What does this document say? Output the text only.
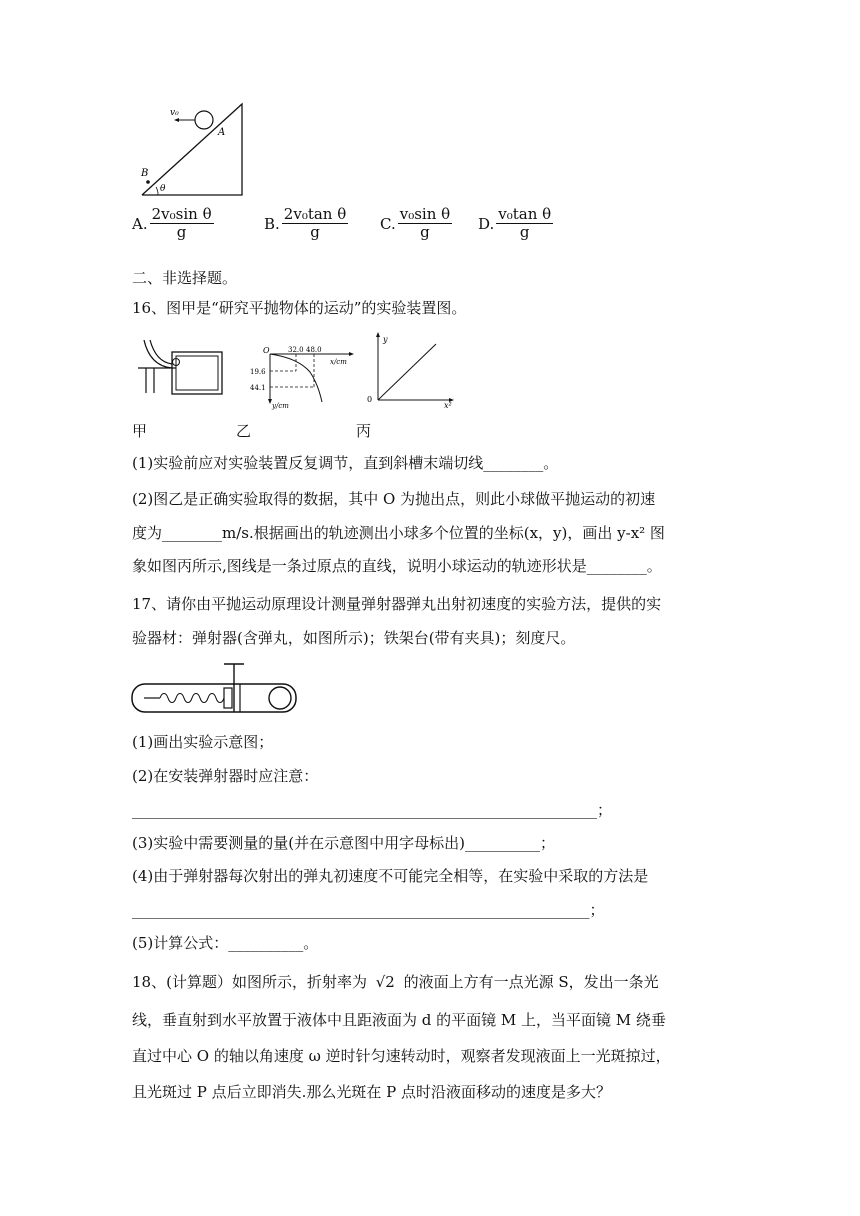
v₀
A
B
θ
A. $\frac{\text{2v₀sin θ}}{g}$	B. $\frac{\text{2v₀tan θ}}{g} C$. $\frac{\text{v₀sin θ}}{g} D$. $\frac{\text{v₀tan θ}}{g}$
二、非选择题。
16、图甲是“研究平抛物体的运动”的实验装置图。
O	32.0 48.0
x/cm
19.6
44.1
y/cm
y
x²
0
甲	乙	丙
(1)实验前应对实验装置反复调节，直到斜槽末端切线________。
(2)图乙是正确实验取得的数据，其中 O 为抛出点，则此小球做平抛运动的初速
度为________m/s.根据画出的轨迹测出小球多个位置的坐标(x，y)，画出 y-x² 图
象如图丙所示,图线是一条过原点的直线，说明小球运动的轨迹形状是________。
17、请你由平抛运动原理设计测量弹射器弹丸出射初速度的实验方法，提供的实
验器材：弹射器(含弹丸，如图所示)；铁架台(带有夹具)；刻度尺。
(1)画出实验示意图；
(2)在安装弹射器时应注意：
______________________________________________________________；
(3)实验中需要测量的量(并在示意图中用字母标出)__________；
(4)由于弹射器每次射出的弹丸初速度不可能完全相等，在实验中采取的方法是
_____________________________________________________________；
(5)计算公式：__________。
18、(计算题）如图所示，折射率为 √2 的液面上方有一点光源 S，发出一条光
线，垂直射到水平放置于液体中且距液面为 d 的平面镜 M 上，当平面镜 M 绕垂
直过中心 O 的轴以角速度 ω 逆时针匀速转动时，观察者发现液面上一光斑掠过，
且光斑过 P 点后立即消失.那么光斑在 P 点时沿液面移动的速度是多大？
